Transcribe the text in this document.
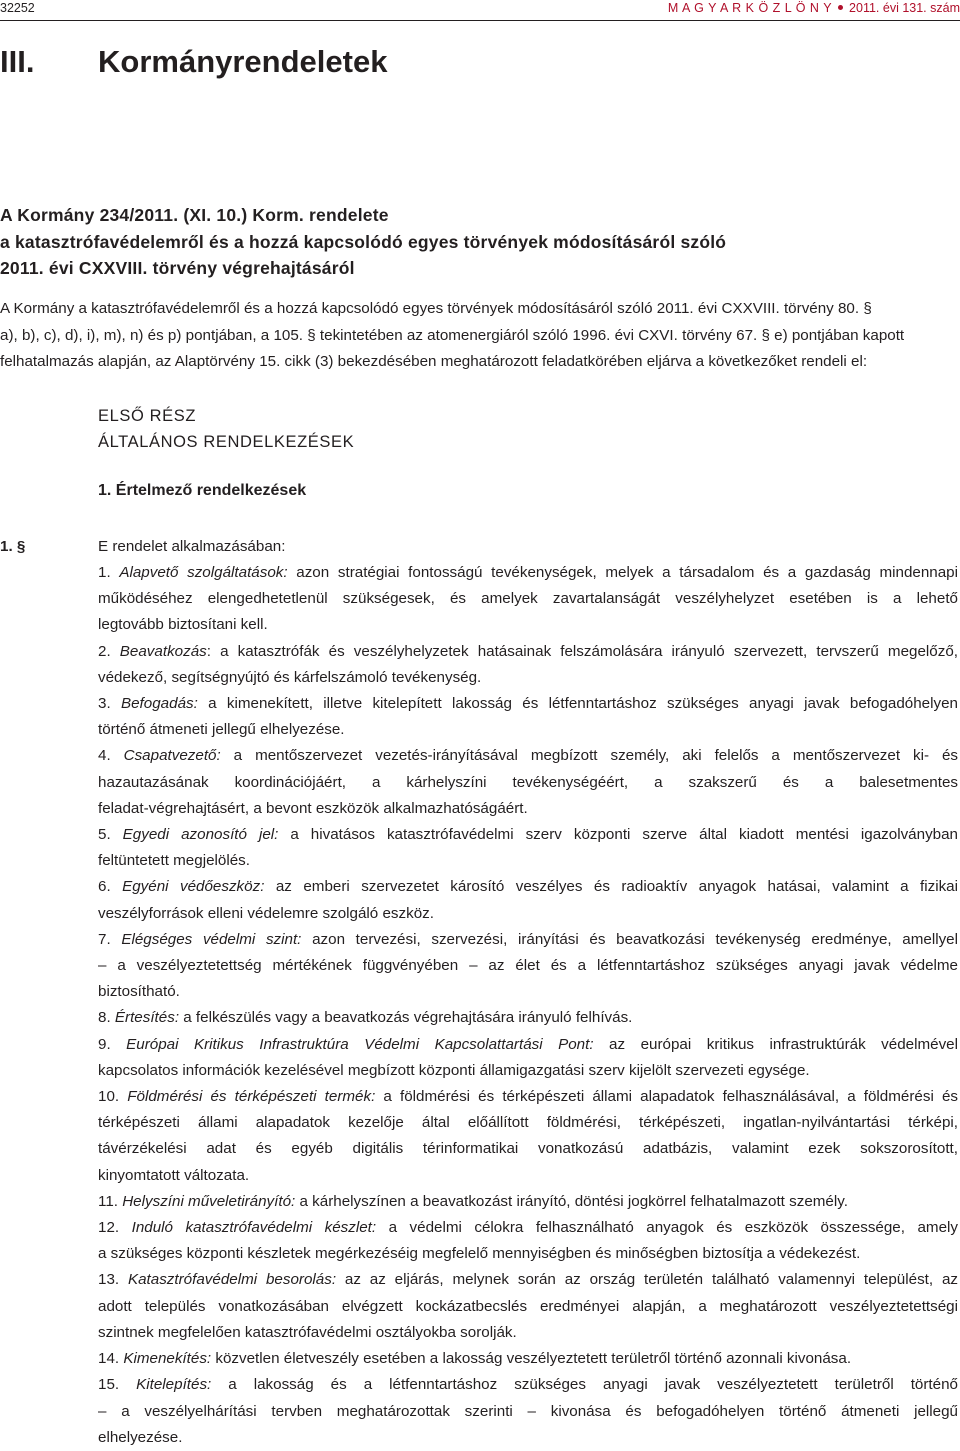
32252	M A G Y A R K Ö Z L Ö N Y 2011. évi 131. szám
III. Kormányrendeletek
A Kormány 234/2011. (XI. 10.) Korm. rendelete
a katasztrófavédelemről és a hozzá kapcsolódó egyes törvények módosításáról szóló
2011. évi CXXVIII. törvény végrehajtásáról
A Kormány a katasztrófavédelemről és a hozzá kapcsolódó egyes törvények módosításáról szóló 2011. évi CXXVIII. törvény 80. §
a), b), c), d), i), m), n) és p) pontjában, a 105. § tekintetében az atomenergiáról szóló 1996. évi CXVI. törvény 67. § e) pontjában kapott
felhatalmazás alapján, az Alaptörvény 15. cikk (3) bekezdésében meghatározott feladatkörében eljárva a következőket rendeli el:
ELSŐ RÉSZ
ÁLTALÁNOS RENDELKEZÉSEK
1. Értelmező rendelkezések
1. §	E rendelet alkalmazásában:
1. Alapvető szolgáltatások: azon stratégiai fontosságú tevékenységek, melyek a társadalom és a gazdaság mindennapi
működéséhez elengedhetetlenül szükségesek, és amelyek zavartalanságát veszélyhelyzet esetében is a lehető
legtovább biztosítani kell.
2. Beavatkozás: a katasztrófák és veszélyhelyzetek hatásainak felszámolására irányuló szervezett, tervszerű megelőző,
védekező, segítségnyújtó és kárfelszámoló tevékenység.
3. Befogadás: a kimenekített, illetve kitelepített lakosság és létfenntartáshoz szükséges anyagi javak befogadóhelyen
történő átmeneti jellegű elhelyezése.
4. Csapatvezető: a mentőszervezet vezetés-irányításával megbízott személy, aki felelős a mentőszervezet ki- és
hazautazásának koordinációjáért, a kárhelyszíni tevékenységéért, a szakszerű és a balesetmentes
feladat-végrehajtásért, a bevont eszközök alkalmazhatóságáért.
5. Egyedi azonosító jel: a hivatásos katasztrófavédelmi szerv központi szerve által kiadott mentési igazolványban
feltüntetett megjelölés.
6. Egyéni védőeszköz: az emberi szervezetet károsító veszélyes és radioaktív anyagok hatásai, valamint a fizikai
veszélyforrások elleni védelemre szolgáló eszköz.
7. Elégséges védelmi szint: azon tervezési, szervezési, irányítási és beavatkozási tevékenység eredménye, amellyel
– a veszélyeztetettség mértékének függvényében – az élet és a létfenntartáshoz szükséges anyagi javak védelme
biztosítható.
8. Értesítés: a felkészülés vagy a beavatkozás végrehajtására irányuló felhívás.
9. Európai Kritikus Infrastruktúra Védelmi Kapcsolattartási Pont: az európai kritikus infrastruktúrák védelmével
kapcsolatos információk kezelésével megbízott központi államigazgatási szerv kijelölt szervezeti egysége.
10. Földmérési és térképészeti termék: a földmérési és térképészeti állami alapadatok felhasználásával, a földmérési és
térképészeti állami alapadatok kezelője által előállított földmérési, térképészeti, ingatlan-nyilvántartási térképi,
távérzékelési adat és egyéb digitális térinformatikai vonatkozású adatbázis, valamint ezek sokszorosított,
kinyomtatott változata.
11. Helyszíni műveletirányító: a kárhelyszínen a beavatkozást irányító, döntési jogkörrel felhatalmazott személy.
12. Induló katasztrófavédelmi készlet: a védelmi célokra felhasználható anyagok és eszközök összessége, amely
a szükséges központi készletek megérkezéséig megfelelő mennyiségben és minőségben biztosítja a védekezést.
13. Katasztrófavédelmi besorolás: az az eljárás, melynek során az ország területén található valamennyi települést, az
adott település vonatkozásában elvégzett kockázatbecslés eredményei alapján, a meghatározott veszélyeztetettségi
szintnek megfelelően katasztrófavédelmi osztályokba sorolják.
14. Kimenekítés: közvetlen életveszély esetében a lakosság veszélyeztetett területről történő azonnali kivonása.
15. Kitelepítés: a lakosság és a létfenntartáshoz szükséges anyagi javak veszélyeztetett területről történő
– a veszélyelhárítási tervben meghatározottak szerinti – kivonása és befogadóhelyen történő átmeneti jellegű
elhelyezése.
